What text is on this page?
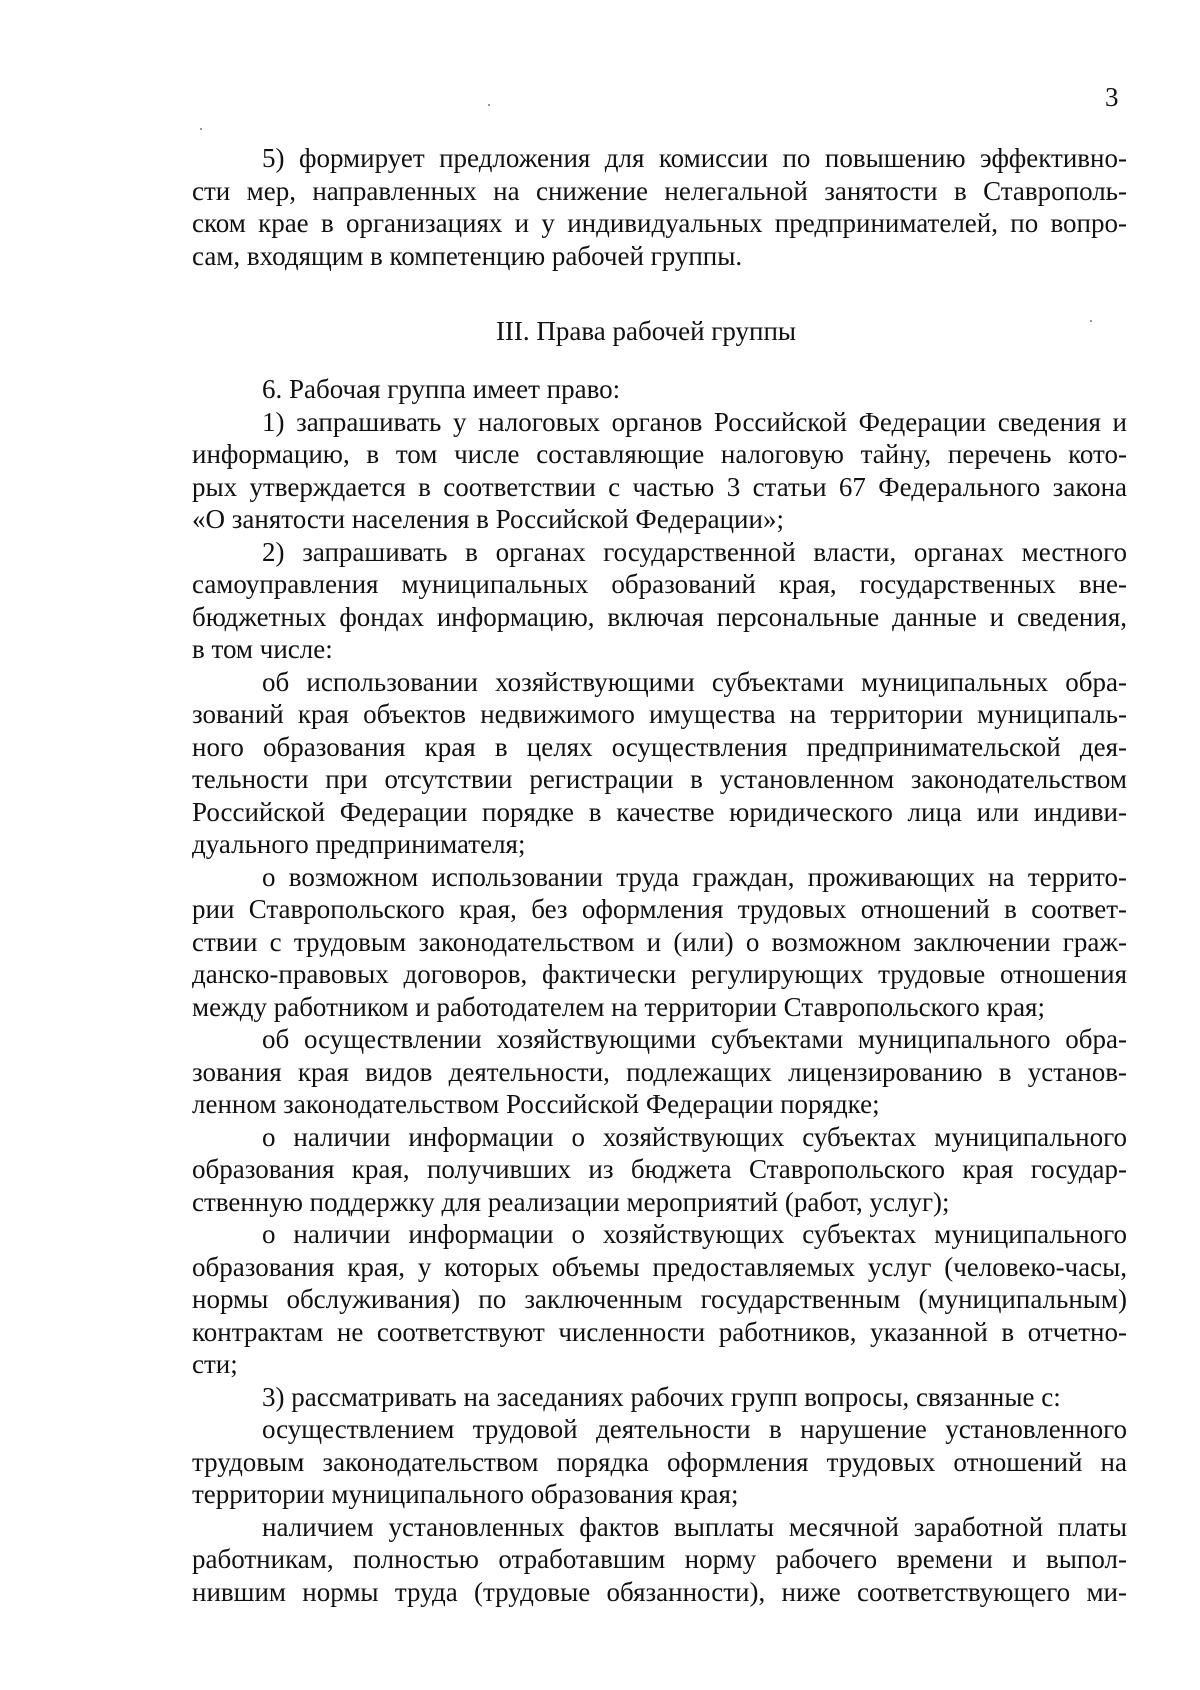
3
5) формирует предложения для комиссии по повышению эффективно-
сти мер, направленных на снижение нелегальной занятости в Ставрополь-
ском крае в организациях и у индивидуальных предпринимателей, по вопро-
сам, входящим в компетенцию рабочей группы.
III. Права рабочей группы
6. Рабочая группа имеет право:
1) запрашивать у налоговых органов Российской Федерации сведения и
информацию, в том числе составляющие налоговую тайну, перечень кото-
рых утверждается в соответствии с частью 3 статьи 67 Федерального закона
«О занятости населения в Российской Федерации»;
2) запрашивать в органах государственной власти, органах местного
самоуправления муниципальных образований края, государственных вне-
бюджетных фондах информацию, включая персональные данные и сведения,
в том числе:
об использовании хозяйствующими субъектами муниципальных обра-
зований края объектов недвижимого имущества на территории муниципаль-
ного образования края в целях осуществления предпринимательской дея-
тельности при отсутствии регистрации в установленном законодательством
Российской Федерации порядке в качестве юридического лица или индиви-
дуального предпринимателя;
о возможном использовании труда граждан, проживающих на террито-
рии Ставропольского края, без оформления трудовых отношений в соответ-
ствии с трудовым законодательством и (или) о возможном заключении граж-
данско-правовых договоров, фактически регулирующих трудовые отношения
между работником и работодателем на территории Ставропольского края;
об осуществлении хозяйствующими субъектами муниципального обра-
зования края видов деятельности, подлежащих лицензированию в установ-
ленном законодательством Российской Федерации порядке;
о наличии информации о хозяйствующих субъектах муниципального
образования края, получивших из бюджета Ставропольского края государ-
ственную поддержку для реализации мероприятий (работ, услуг);
о наличии информации о хозяйствующих субъектах муниципального
образования края, у которых объемы предоставляемых услуг (человеко-часы,
нормы обслуживания) по заключенным государственным (муниципальным)
контрактам не соответствуют численности работников, указанной в отчетно-
сти;
3) рассматривать на заседаниях рабочих групп вопросы, связанные с:
осуществлением трудовой деятельности в нарушение установленного
трудовым законодательством порядка оформления трудовых отношений на
территории муниципального образования края;
наличием установленных фактов выплаты месячной заработной платы
работникам, полностью отработавшим норму рабочего времени и выпол-
нившим нормы труда (трудовые обязанности), ниже соответствующего ми-
